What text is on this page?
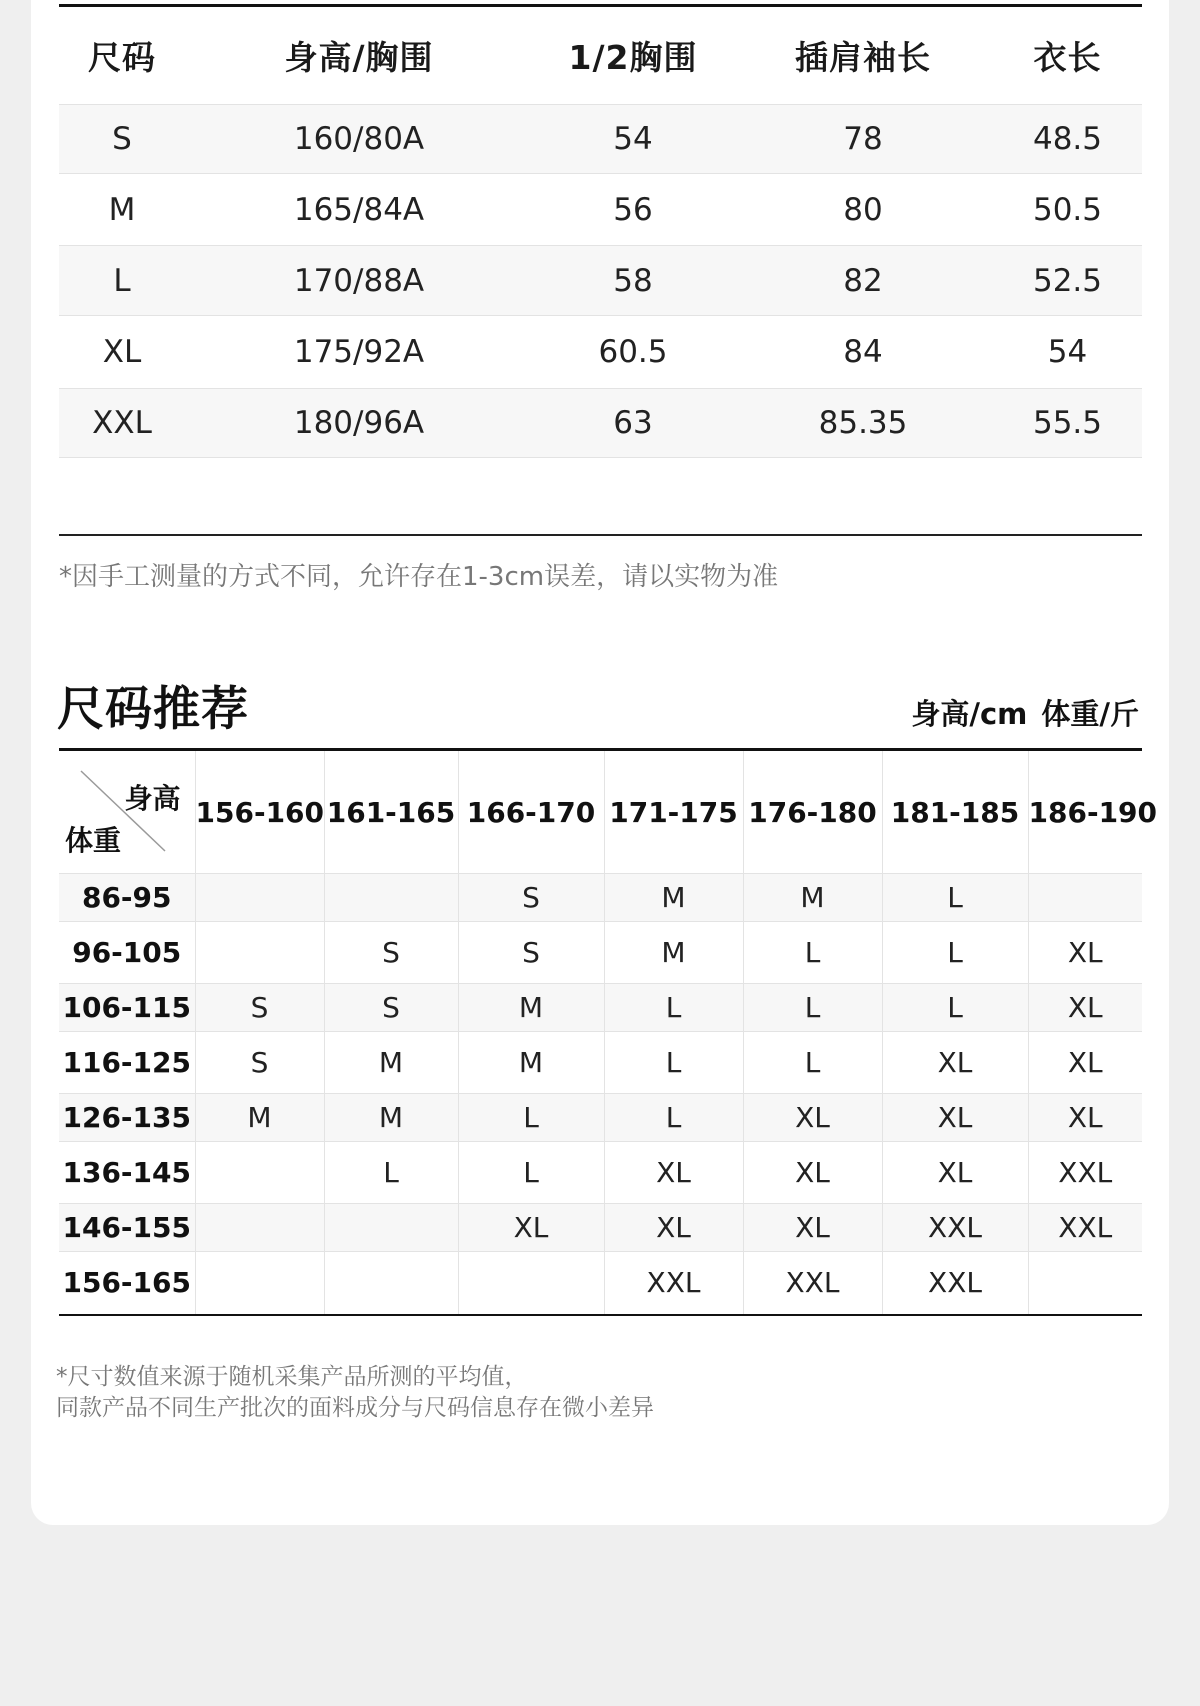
尺码	身高/胸围	1/2胸围	插肩袖长	衣长
S	160/80A	54	78	48.5
M	165/84A	56	80	50.5
L	170/88A	58	82	52.5
XL	175/92A	60.5	84	54
XXL	180/96A	63	85.35	55.5
*因手工测量的方式不同，允许存在1-3cm误差，请以实物为准
尺码推荐	身高/cm 体重/斤
身高
体重	156-160	161-165	166-170	171-175	176-180	181-185	186-190
86-95			S	M	M	L	
96-105		S	S	M	L	L	XL
106-115	S	S	M	L	L	L	XL
116-125	S	M	M	L	L	XL	XL
126-135	M	M	L	L	XL	XL	XL
136-145		L	L	XL	XL	XL	XXL
146-155			XL	XL	XL	XXL	XXL
156-165				XXL	XXL	XXL	
*尺寸数值来源于随机采集产品所测的平均值，
同款产品不同生产批次的面料成分与尺码信息存在微小差异
